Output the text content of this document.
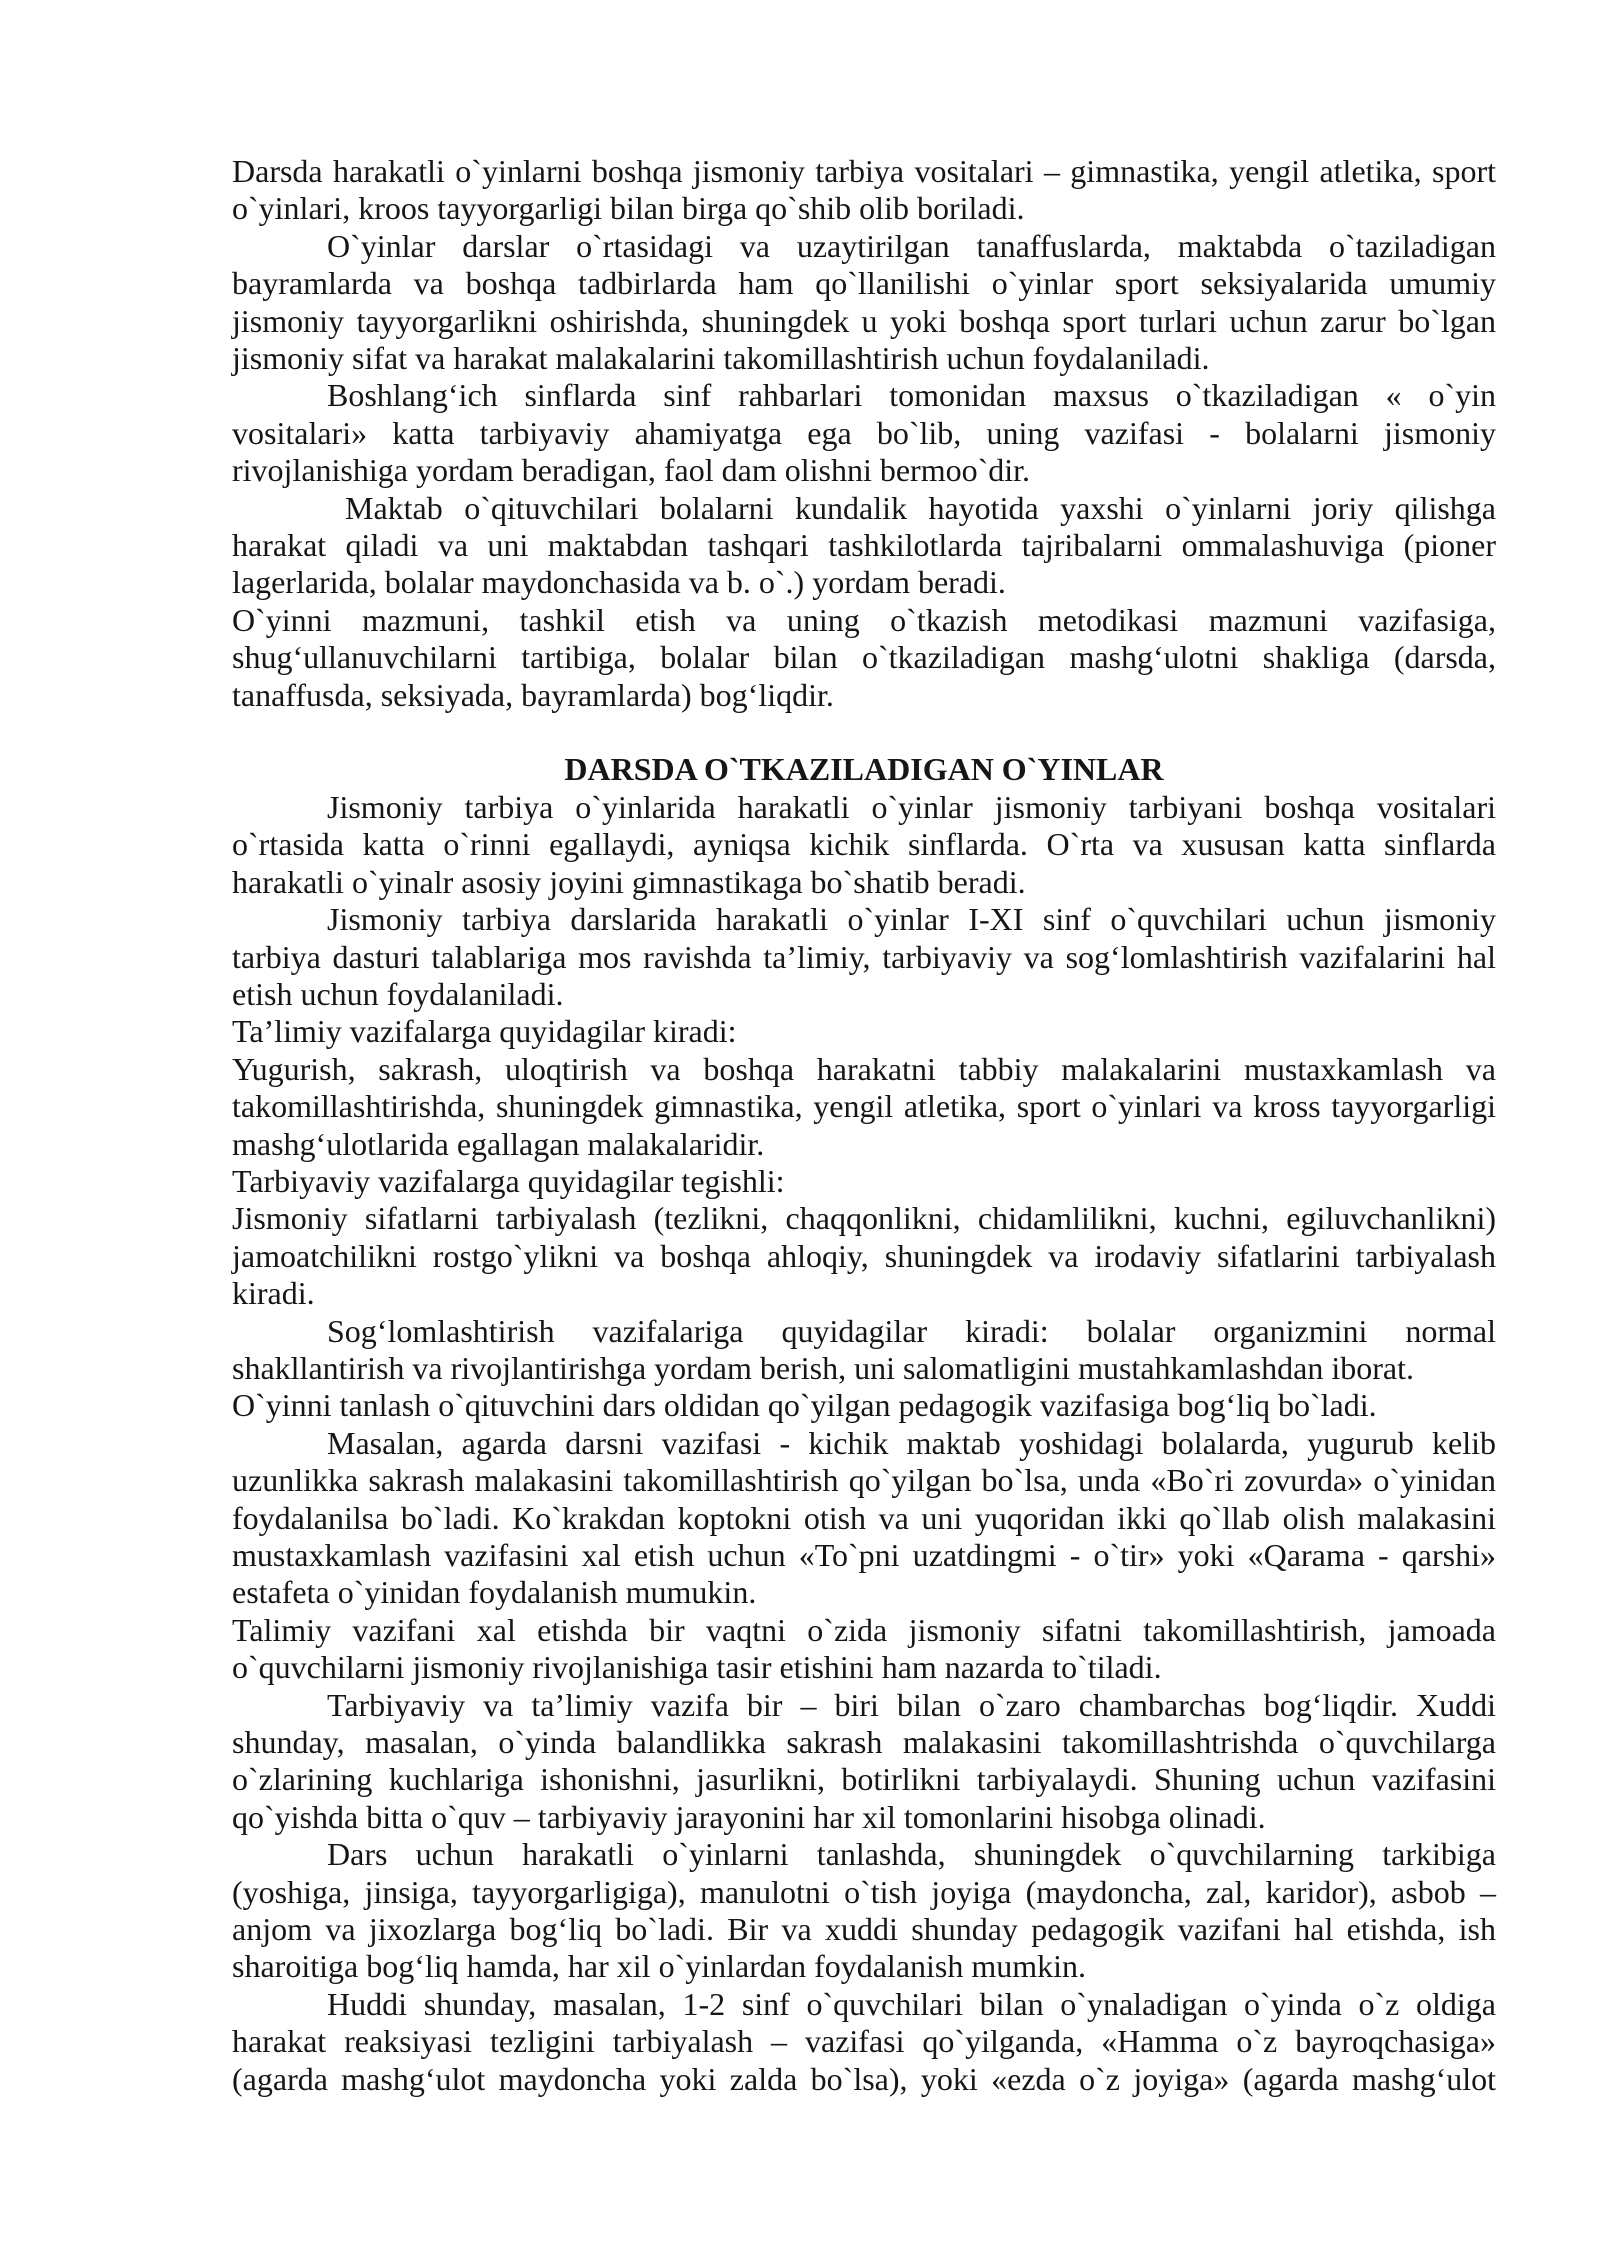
Darsda harakatli o`yinlarni boshqa jismoniy tarbiya vositalari – gimnastika, yengil atletika, sport
o`yinlari, kroos tayyorgarligi bilan birga qo`shib olib boriladi.
O`yinlar darslar o`rtasidagi va uzaytirilgan tanaffuslarda, maktabda o`taziladigan
bayramlarda va boshqa tadbirlarda ham qo`llanilishi o`yinlar sport seksiyalarida umumiy
jismoniy tayyorgarlikni oshirishda, shuningdek u yoki boshqa sport turlari uchun zarur bo`lgan
jismoniy sifat va harakat malakalarini takomillashtirish uchun foydalaniladi.
Boshlang‘ich sinflarda sinf rahbarlari tomonidan maxsus o`tkaziladigan « o`yin
vositalari» katta tarbiyaviy ahamiyatga ega bo`lib, uning vazifasi - bolalarni jismoniy
rivojlanishiga yordam beradigan, faol dam olishni bermoo`dir.
Maktab o`qituvchilari bolalarni kundalik hayotida yaxshi o`yinlarni joriy qilishga
harakat qiladi va uni maktabdan tashqari tashkilotlarda tajribalarni ommalashuviga (pioner
lagerlarida, bolalar maydonchasida va b. o`.) yordam beradi.
O`yinni mazmuni, tashkil etish va uning o`tkazish metodikasi mazmuni vazifasiga,
shug‘ullanuvchilarni tartibiga, bolalar bilan o`tkaziladigan mashg‘ulotni shakliga (darsda,
tanaffusda, seksiyada, bayramlarda) bog‘liqdir.
DARSDA O`TKAZILADIGAN O`YINLAR
Jismoniy tarbiya o`yinlarida harakatli o`yinlar jismoniy tarbiyani boshqa vositalari
o`rtasida katta o`rinni egallaydi, ayniqsa kichik sinflarda. O`rta va xususan katta sinflarda
harakatli o`yinalr asosiy joyini gimnastikaga bo`shatib beradi.
Jismoniy tarbiya darslarida harakatli o`yinlar I-XI sinf o`quvchilari uchun jismoniy
tarbiya dasturi talablariga mos ravishda ta’limiy, tarbiyaviy va sog‘lomlashtirish vazifalarini hal
etish uchun foydalaniladi.
Ta’limiy vazifalarga quyidagilar kiradi:
Yugurish, sakrash, uloqtirish va boshqa harakatni tabbiy malakalarini mustaxkamlash va
takomillashtirishda, shuningdek gimnastika, yengil atletika, sport o`yinlari va kross tayyorgarligi
mashg‘ulotlarida egallagan malakalaridir.
Tarbiyaviy vazifalarga quyidagilar tegishli:
Jismoniy sifatlarni tarbiyalash (tezlikni, chaqqonlikni, chidamlilikni, kuchni, egiluvchanlikni)
jamoatchilikni rostgo`ylikni va boshqa ahloqiy, shuningdek va irodaviy sifatlarini tarbiyalash
kiradi.
Sog‘lomlashtirish vazifalariga quyidagilar kiradi: bolalar organizmini normal
shakllantirish va rivojlantirishga yordam berish, uni salomatligini mustahkamlashdan iborat.
O`yinni tanlash o`qituvchini dars oldidan qo`yilgan pedagogik vazifasiga bog‘liq bo`ladi.
Masalan, agarda darsni vazifasi - kichik maktab yoshidagi bolalarda, yugurub kelib
uzunlikka sakrash malakasini takomillashtirish qo`yilgan bo`lsa, unda «Bo`ri zovurda» o`yinidan
foydalanilsa bo`ladi. Ko`krakdan koptokni otish va uni yuqoridan ikki qo`llab olish malakasini
mustaxkamlash vazifasini xal etish uchun «To`pni uzatdingmi - o`tir» yoki «Qarama - qarshi»
estafeta o`yinidan foydalanish mumukin.
Talimiy vazifani xal etishda bir vaqtni o`zida jismoniy sifatni takomillashtirish, jamoada
o`quvchilarni jismoniy rivojlanishiga tasir etishini ham nazarda to`tiladi.
Tarbiyaviy va ta’limiy vazifa bir – biri bilan o`zaro chambarchas bog‘liqdir. Xuddi
shunday, masalan, o`yinda balandlikka sakrash malakasini takomillashtrishda o`quvchilarga
o`zlarining kuchlariga ishonishni, jasurlikni, botirlikni tarbiyalaydi. Shuning uchun vazifasini
qo`yishda bitta o`quv – tarbiyaviy jarayonini har xil tomonlarini hisobga olinadi.
Dars uchun harakatli o`yinlarni tanlashda, shuningdek o`quvchilarning tarkibiga
(yoshiga, jinsiga, tayyorgarligiga), manulotni o`tish joyiga (maydoncha, zal, karidor), asbob –
anjom va jixozlarga bog‘liq bo`ladi. Bir va xuddi shunday pedagogik vazifani hal etishda, ish
sharoitiga bog‘liq hamda, har xil o`yinlardan foydalanish mumkin.
Huddi shunday, masalan, 1-2 sinf o`quvchilari bilan o`ynaladigan o`yinda o`z oldiga
harakat reaksiyasi tezligini tarbiyalash – vazifasi qo`yilganda, «Hamma o`z bayroqchasiga»
(agarda mashg‘ulot maydoncha yoki zalda bo`lsa), yoki «ezda o`z joyiga» (agarda mashg‘ulot
